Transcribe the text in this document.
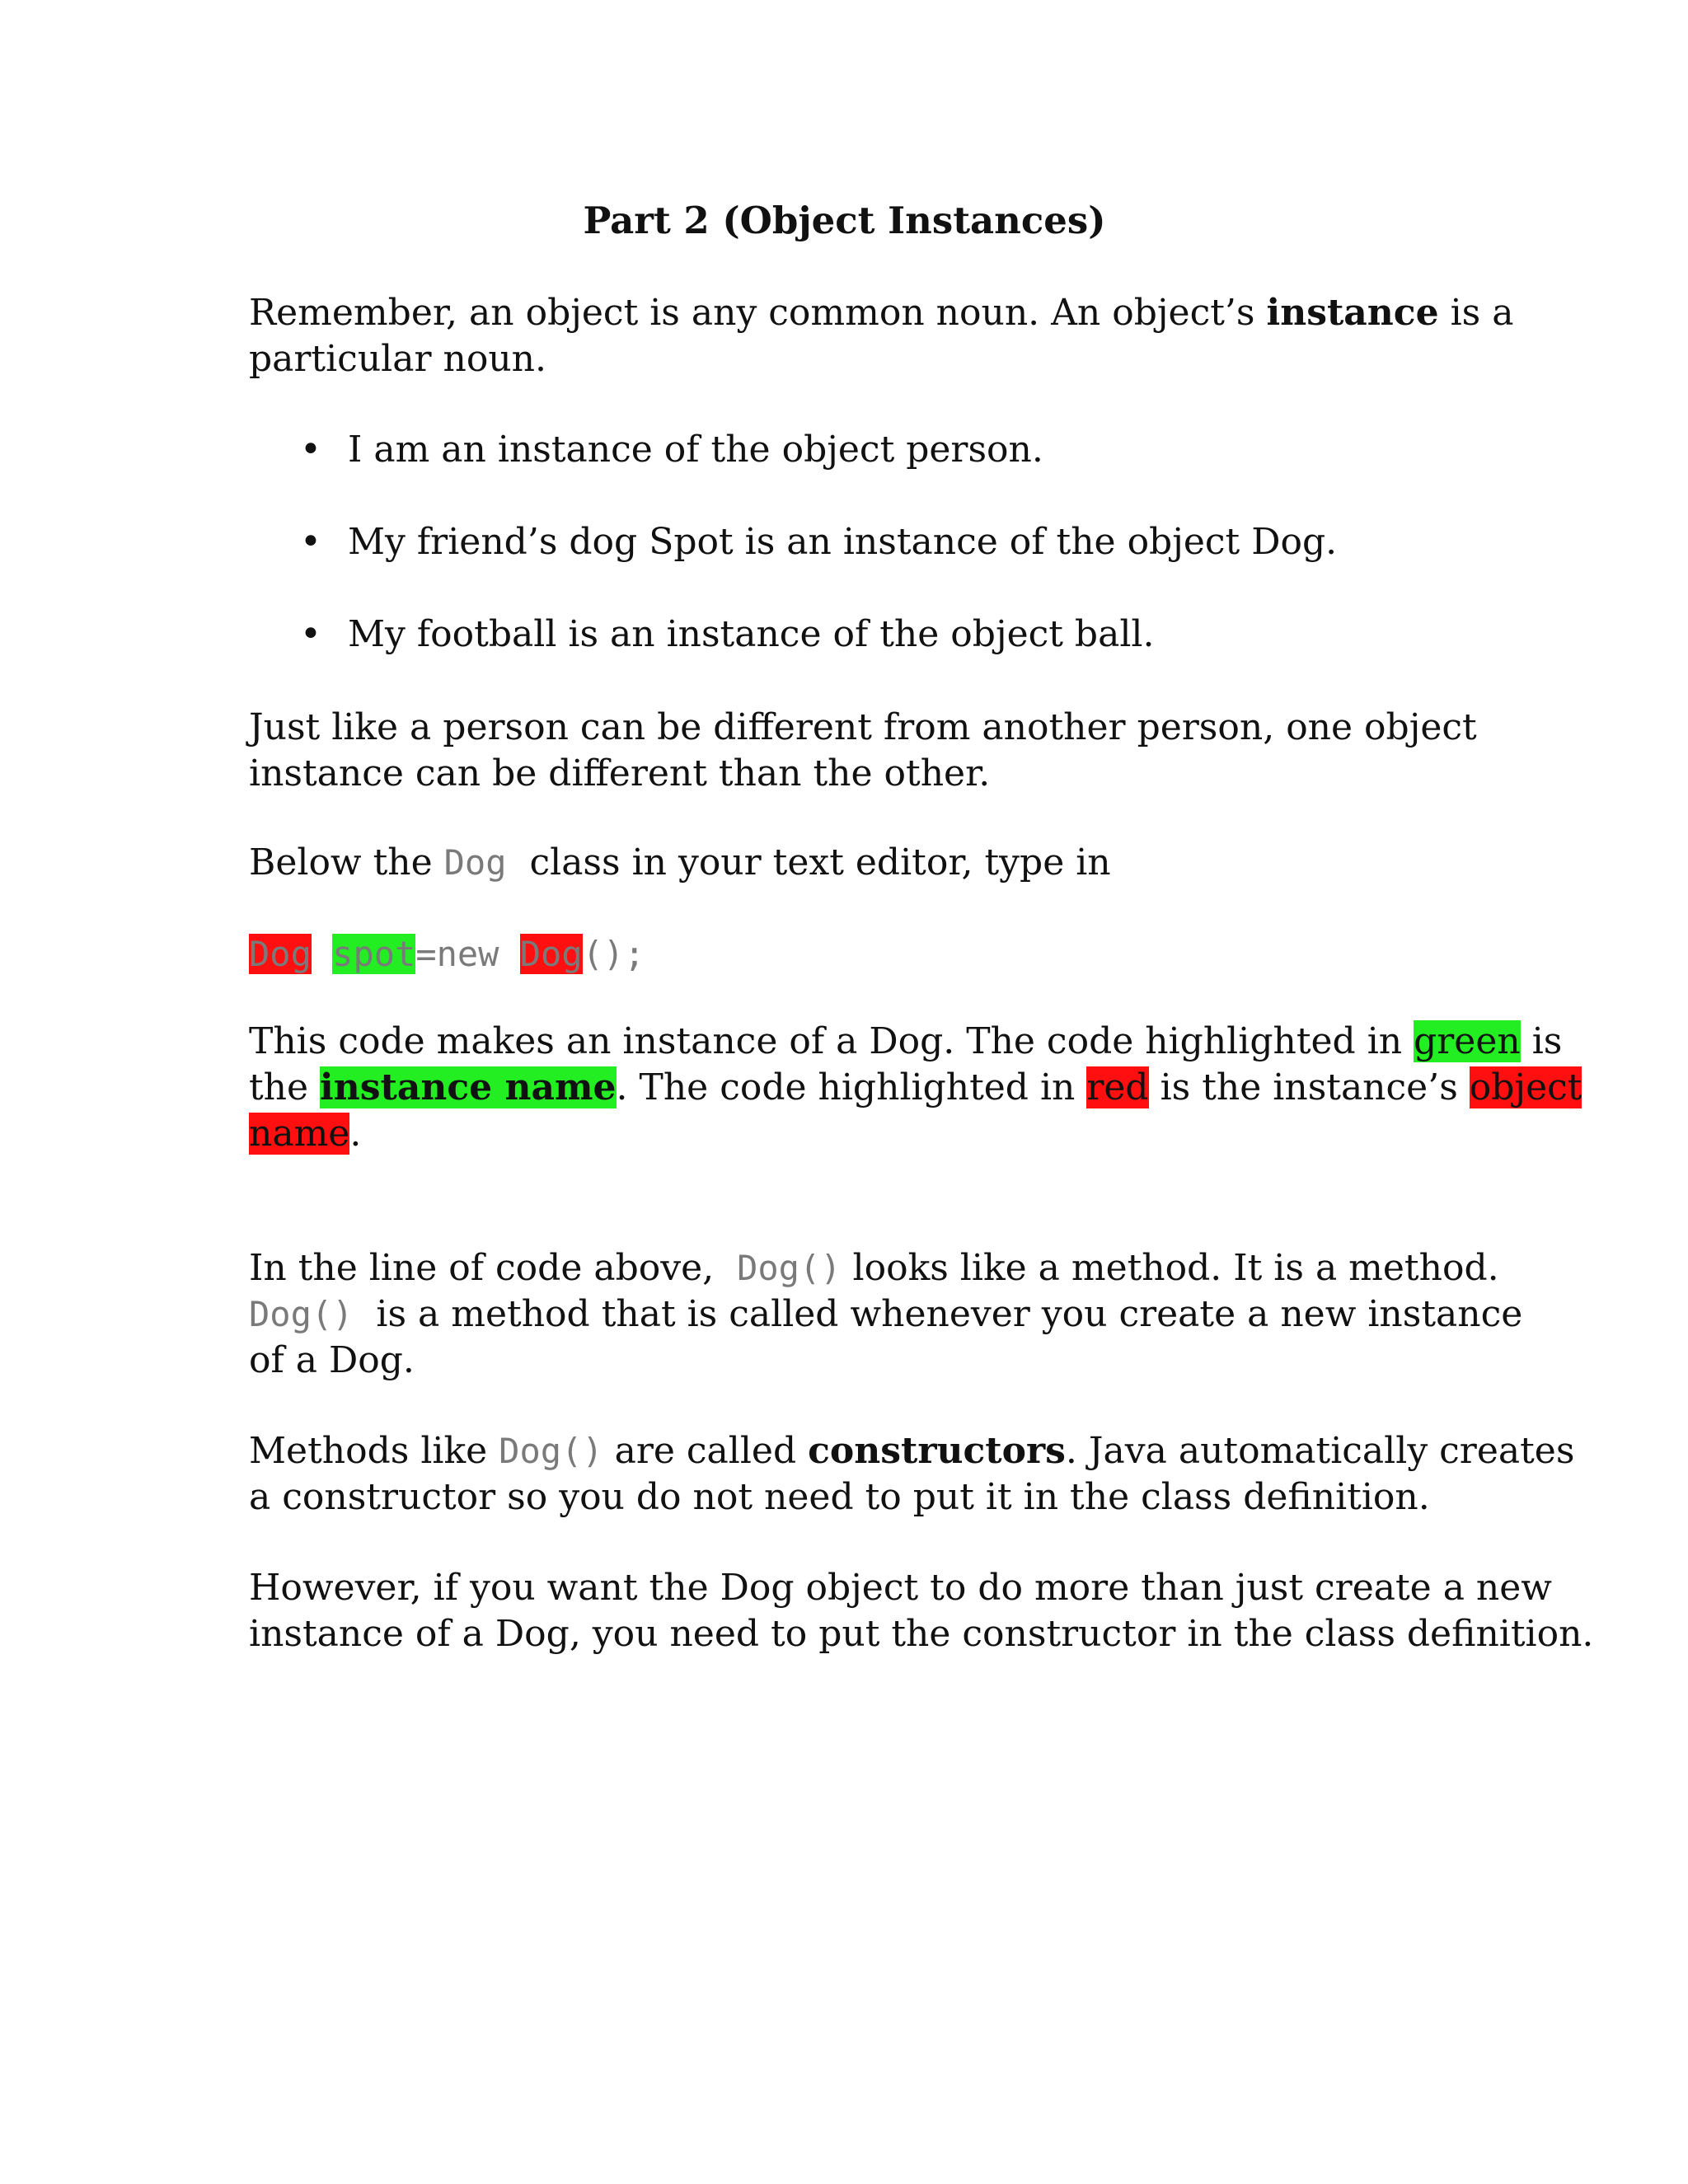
Part 2 (Object Instances)

Remember, an object is any common noun. An object’s instance is a
particular noun.

• I am an instance of the object person.
• My friend’s dog Spot is an instance of the object Dog.
• My football is an instance of the object ball.

Just like a person can be different from another person, one object
instance can be different than the other.

Below the Dog  class in your text editor, type in

Dog spot=new Dog();

This code makes an instance of a Dog. The code highlighted in green is
the instance name. The code highlighted in red is the instance’s object
name.

In the line of code above,  Dog() looks like a method. It is a method.
Dog()  is a method that is called whenever you create a new instance
of a Dog.

Methods like Dog() are called constructors. Java automatically creates
a constructor so you do not need to put it in the class definition.

However, if you want the Dog object to do more than just create a new
instance of a Dog, you need to put the constructor in the class definition.
